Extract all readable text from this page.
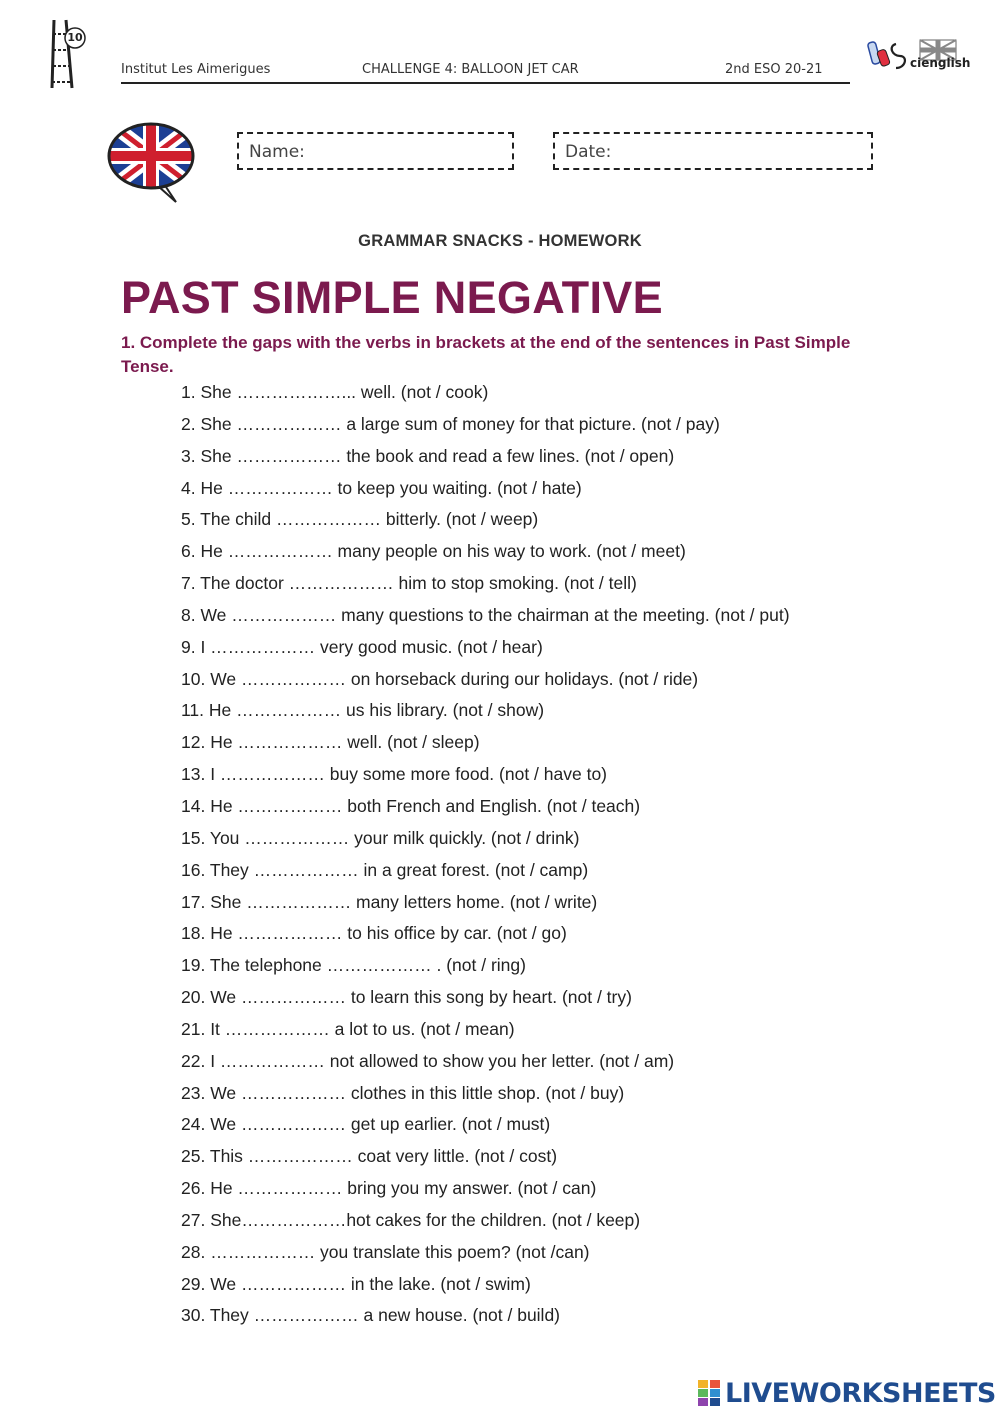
10
Institut Les Aimerigues	CHALLENGE 4: BALLOON JET CAR	2nd ESO 20-21	cienglish
Name:	Date:
GRAMMAR SNACKS - HOMEWORK
PAST SIMPLE NEGATIVE
1. Complete the gaps with the verbs in brackets at the end of the sentences in Past Simple Tense.
1. She ………………... well. (not / cook)
2. She ……………… a large sum of money for that picture. (not / pay)
3. She ……………… the book and read a few lines. (not / open)
4. He ……………… to keep you waiting. (not / hate)
5. The child ……………… bitterly. (not / weep)
6. He ……………… many people on his way to work. (not / meet)
7. The doctor ……………… him to stop smoking. (not / tell)
8. We ……………… many questions to the chairman at the meeting. (not / put)
9. I ……………… very good music. (not / hear)
10. We ……………… on horseback during our holidays. (not / ride)
11. He ……………… us his library. (not / show)
12. He ……………… well. (not / sleep)
13. I ……………… buy some more food. (not / have to)
14. He ……………… both French and English. (not / teach)
15. You ……………… your milk quickly. (not / drink)
16. They ……………… in a great forest. (not / camp)
17. She ……………… many letters home. (not / write)
18. He ……………… to his office by car. (not / go)
19. The telephone ……………… . (not / ring)
20. We ……………… to learn this song by heart. (not / try)
21. It ……………… a lot to us. (not / mean)
22. I ……………… not allowed to show you her letter. (not / am)
23. We ……………… clothes in this little shop. (not / buy)
24. We ……………… get up earlier. (not / must)
25. This ……………… coat very little. (not / cost)
26. He ……………… bring you my answer. (not / can)
27. She………………hot cakes for the children. (not / keep)
28. ……………… you translate this poem? (not /can)
29. We ……………… in the lake. (not / swim)
30. They ……………… a new house. (not / build)
LIVEWORKSHEETS
